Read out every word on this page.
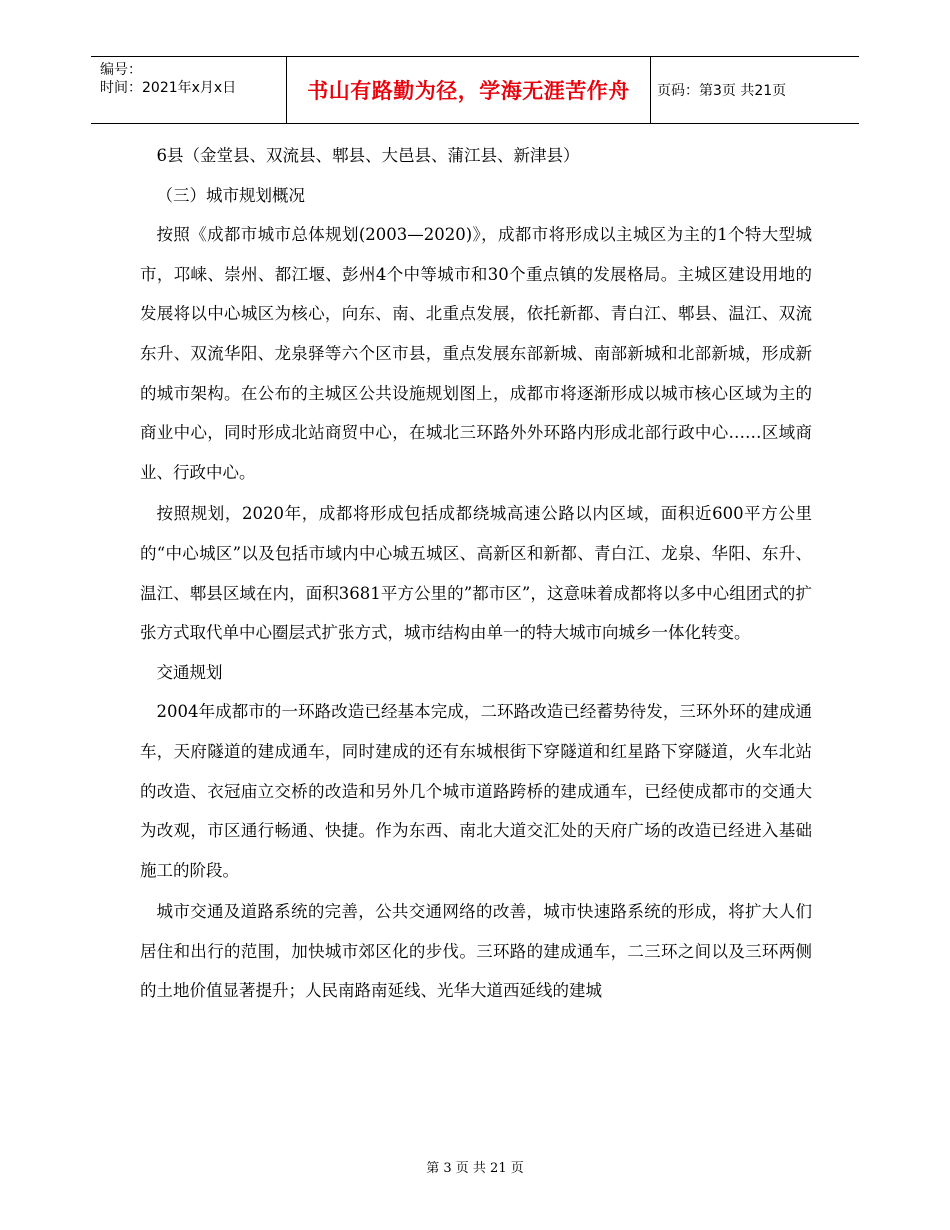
编号：
时间：2021年x月x日	书山有路勤为径，学海无涯苦作舟 页码：第3页 共21页

6县（金堂县、双流县、郫县、大邑县、蒲江县、新津县）

（三）城市规划概况

按照《成都市城市总体规划(2003—2020)》，成都市将形成以主城区为主的1个特大型城市，邛崃、崇州、都江堰、彭州4个中等城市和30个重点镇的发展格局。主城区建设用地的发展将以中心城区为核心，向东、南、北重点发展，依托新都、青白江、郫县、温江、双流东升、双流华阳、龙泉驿等六个区市县，重点发展东部新城、南部新城和北部新城，形成新的城市架构。在公布的主城区公共设施规划图上，成都市将逐渐形成以城市核心区域为主的商业中心，同时形成北站商贸中心，在城北三环路外外环路内形成北部行政中心……区域商业、行政中心。

按照规划，2020年，成都将形成包括成都绕城高速公路以内区域，面积近600平方公里的“中心城区”以及包括市域内中心城五城区、高新区和新都、青白江、龙泉、华阳、东升、温江、郫县区域在内，面积3681平方公里的”都市区”，这意味着成都将以多中心组团式的扩张方式取代单中心圈层式扩张方式，城市结构由单一的特大城市向城乡一体化转变。

交通规划

2004年成都市的一环路改造已经基本完成，二环路改造已经蓄势待发，三环外环的建成通车，天府隧道的建成通车，同时建成的还有东城根街下穿隧道和红星路下穿隧道，火车北站的改造、衣冠庙立交桥的改造和另外几个城市道路跨桥的建成通车，已经使成都市的交通大为改观，市区通行畅通、快捷。作为东西、南北大道交汇处的天府广场的改造已经进入基础施工的阶段。

城市交通及道路系统的完善，公共交通网络的改善，城市快速路系统的形成，将扩大人们居住和出行的范围，加快城市郊区化的步伐。三环路的建成通车，二三环之间以及三环两侧的土地价值显著提升；人民南路南延线、光华大道西延线的建城

第 3 页 共 21 页
